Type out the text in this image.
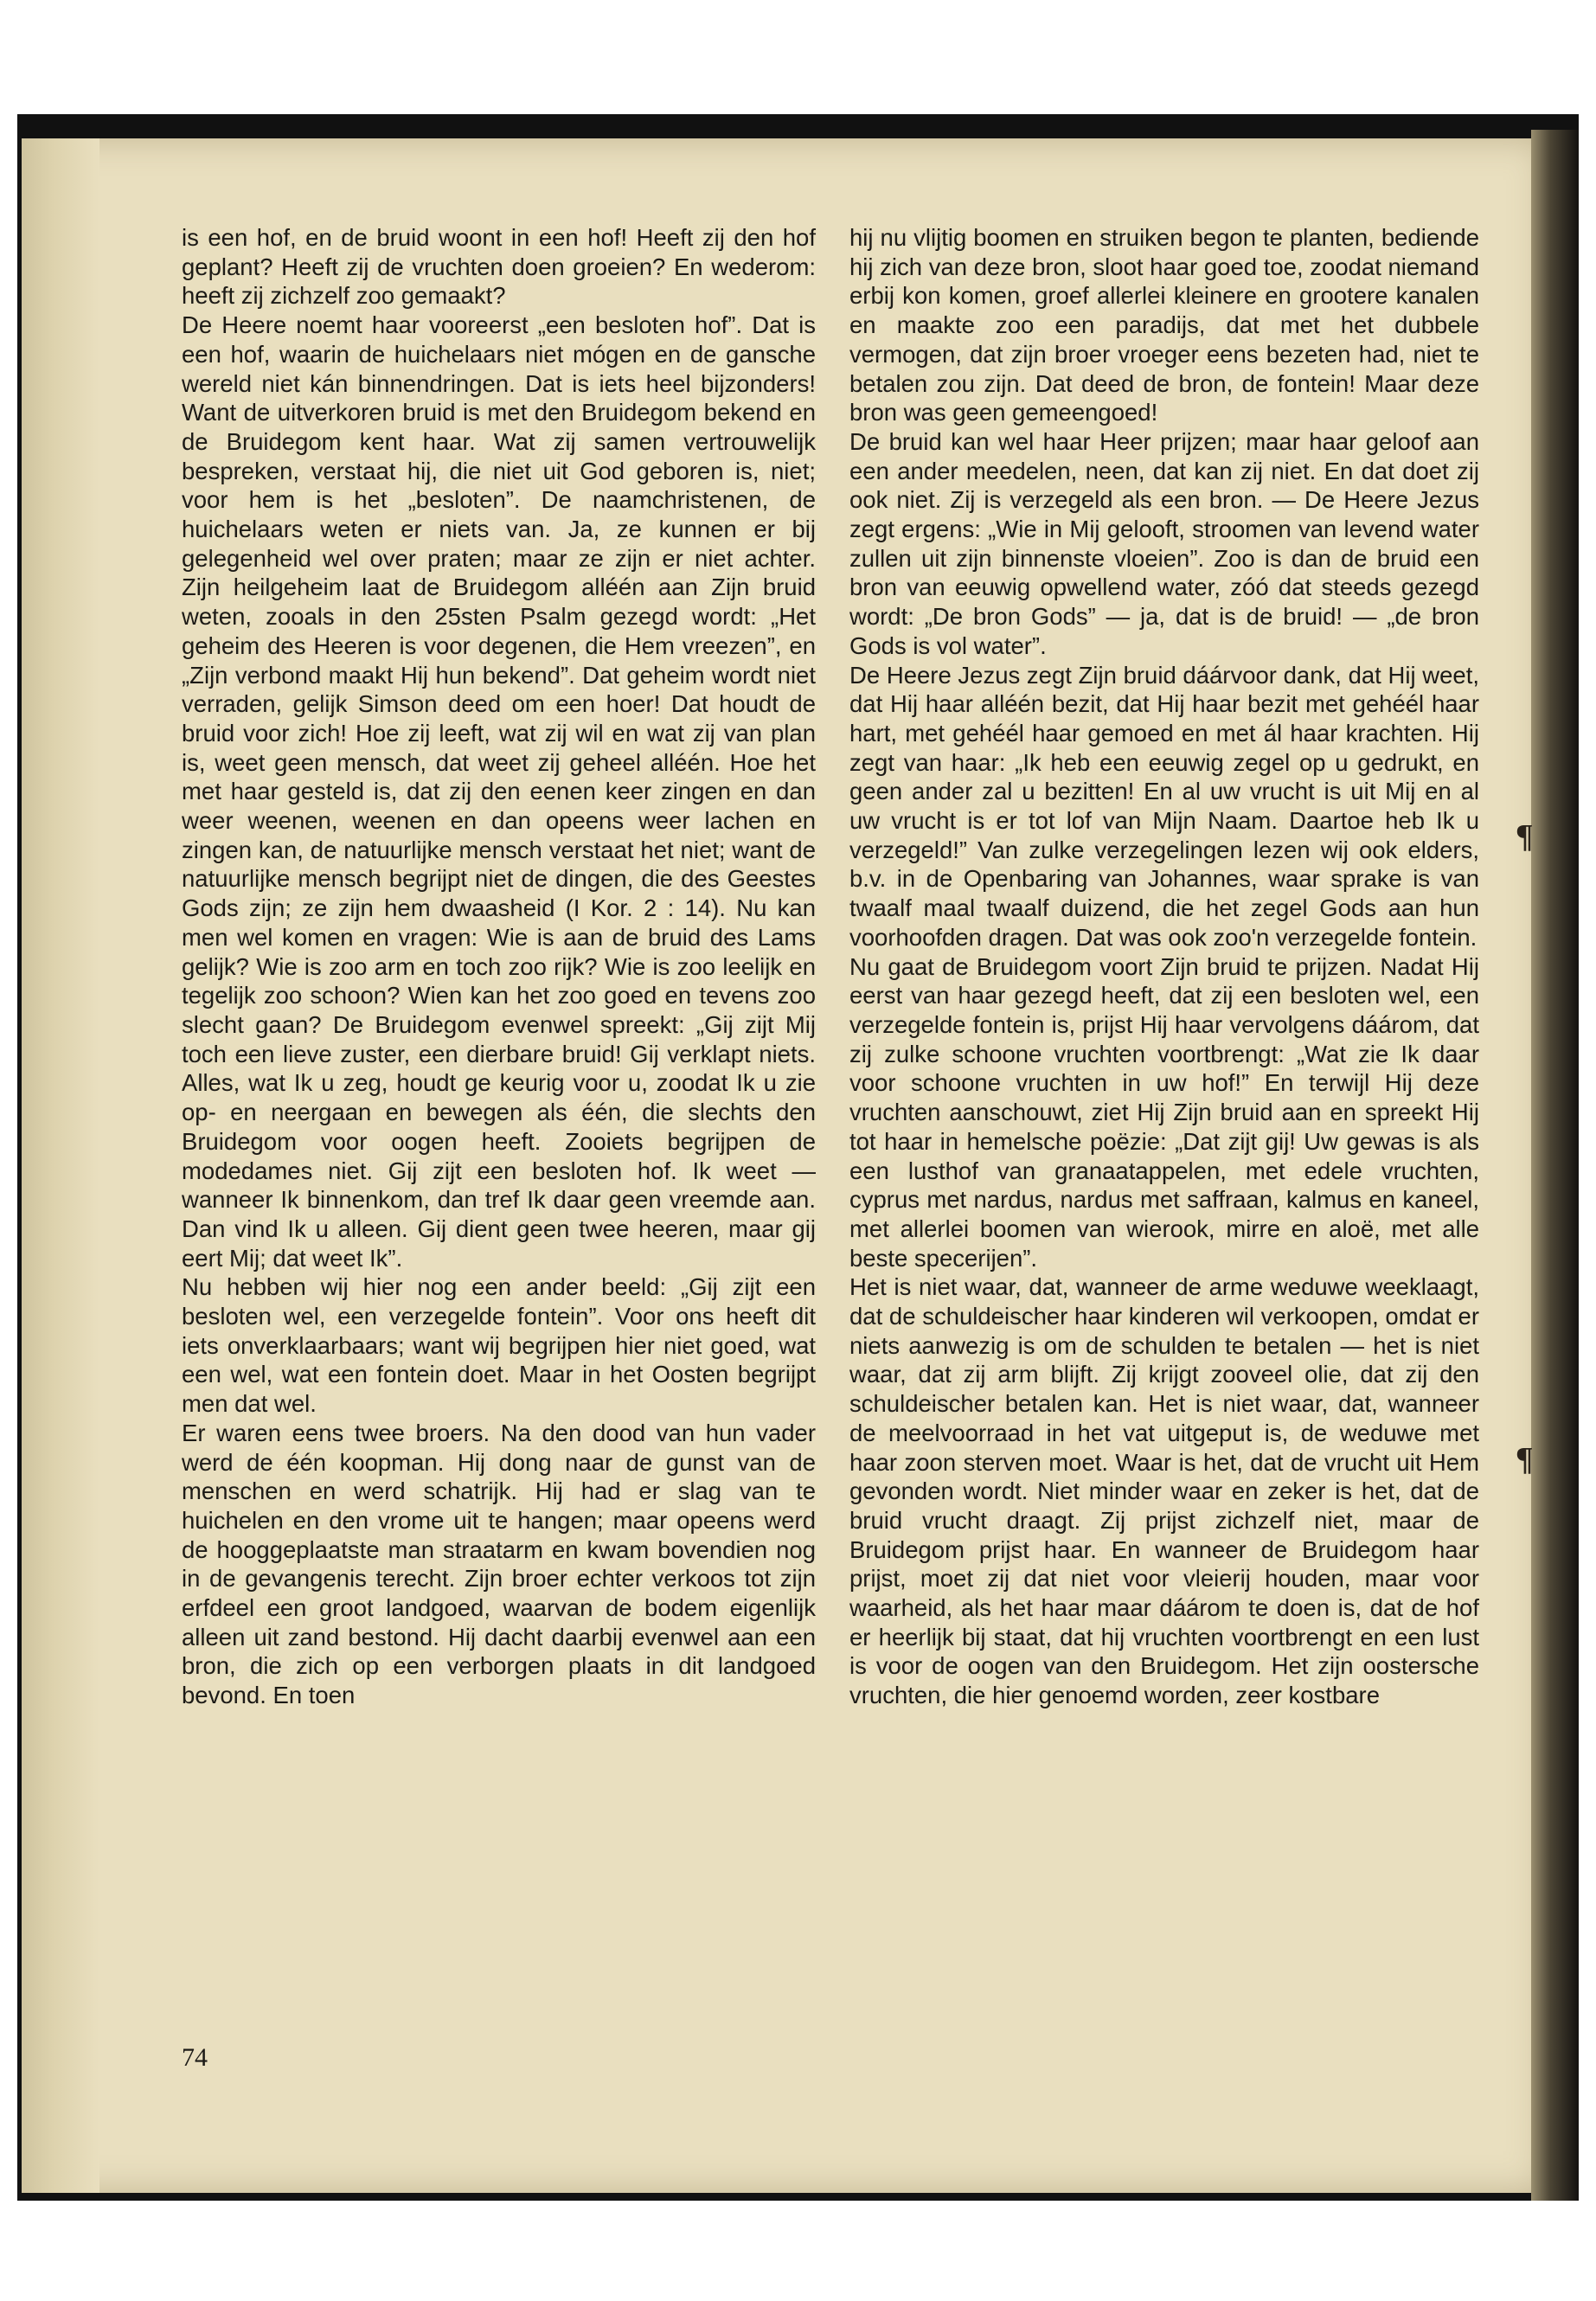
is een hof, en de bruid woont in een hof! Heeft zij den hof geplant? Heeft zij de vruchten doen groeien? En wederom: heeft zij zichzelf zoo gemaakt?

De Heere noemt haar vooreerst „een besloten hof”. Dat is een hof, waarin de huichelaars niet mógen en de gansche wereld niet kán binnendringen. Dat is iets heel bijzonders! Want de uitverkoren bruid is met den Bruidegom bekend en de Bruidegom kent haar. Wat zij samen vertrouwelijk bespreken, verstaat hij, die niet uit God geboren is, niet; voor hem is het „besloten”. De naamchristenen, de huichelaars weten er niets van. Ja, ze kunnen er bij gelegenheid wel over praten; maar ze zijn er niet achter. Zijn heilgeheim laat de Bruidegom alléén aan Zijn bruid weten, zooals in den 25sten Psalm gezegd wordt: „Het geheim des Heeren is voor degenen, die Hem vreezen”, en „Zijn verbond maakt Hij hun bekend”. Dat geheim wordt niet verraden, gelijk Simson deed om een hoer! Dat houdt de bruid voor zich! Hoe zij leeft, wat zij wil en wat zij van plan is, weet geen mensch, dat weet zij geheel alléén. Hoe het met haar gesteld is, dat zij den eenen keer zingen en dan weer weenen, weenen en dan opeens weer lachen en zingen kan, de natuurlijke mensch verstaat het niet; want de natuurlijke mensch begrijpt niet de dingen, die des Geestes Gods zijn; ze zijn hem dwaasheid (I Kor. 2 : 14). Nu kan men wel komen en vragen: Wie is aan de bruid des Lams gelijk? Wie is zoo arm en toch zoo rijk? Wie is zoo leelijk en tegelijk zoo schoon? Wien kan het zoo goed en tevens zoo slecht gaan? De Bruidegom evenwel spreekt: „Gij zijt Mij toch een lieve zuster, een dierbare bruid! Gij verklapt niets. Alles, wat Ik u zeg, houdt ge keurig voor u, zoodat Ik u zie op- en neergaan en bewegen als één, die slechts den Bruidegom voor oogen heeft. Zooiets begrijpen de modedames niet. Gij zijt een besloten hof. Ik weet — wanneer Ik binnenkom, dan tref Ik daar geen vreemde aan. Dan vind Ik u alleen. Gij dient geen twee heeren, maar gij eert Mij; dat weet Ik”.

Nu hebben wij hier nog een ander beeld: „Gij zijt een besloten wel, een verzegelde fontein”. Voor ons heeft dit iets onverklaarbaars; want wij begrijpen hier niet goed, wat een wel, wat een fontein doet. Maar in het Oosten begrijpt men dat wel.

Er waren eens twee broers. Na den dood van hun vader werd de één koopman. Hij dong naar de gunst van de menschen en werd schatrijk. Hij had er slag van te huichelen en den vrome uit te hangen; maar opeens werd de hooggeplaatste man straatarm en kwam bovendien nog in de gevangenis terecht. Zijn broer echter verkoos tot zijn erfdeel een groot landgoed, waarvan de bodem eigenlijk alleen uit zand bestond. Hij dacht daarbij evenwel aan een bron, die zich op een verborgen plaats in dit landgoed bevond. En toen

hij nu vlijtig boomen en struiken begon te planten, bediende hij zich van deze bron, sloot haar goed toe, zoodat niemand erbij kon komen, groef allerlei kleinere en grootere kanalen en maakte zoo een paradijs, dat met het dubbele vermogen, dat zijn broer vroeger eens bezeten had, niet te betalen zou zijn. Dat deed de bron, de fontein! Maar deze bron was geen gemeengoed!

De bruid kan wel haar Heer prijzen; maar haar geloof aan een ander meedelen, neen, dat kan zij niet. En dat doet zij ook niet. Zij is verzegeld als een bron. — De Heere Jezus zegt ergens: „Wie in Mij gelooft, stroomen van levend water zullen uit zijn binnenste vloeien”. Zoo is dan de bruid een bron van eeuwig opwellend water, zóó dat steeds gezegd wordt: „De bron Gods” — ja, dat is de bruid! — „de bron Gods is vol water”.

De Heere Jezus zegt Zijn bruid dáárvoor dank, dat Hij weet, dat Hij haar alléén bezit, dat Hij haar bezit met gehéél haar hart, met gehéél haar gemoed en met ál haar krachten. Hij zegt van haar: „Ik heb een eeuwig zegel op u gedrukt, en geen ander zal u bezitten! En al uw vrucht is uit Mij en al uw vrucht is er tot lof van Mijn Naam. Daartoe heb Ik u verzegeld!” Van zulke verzegelingen lezen wij ook elders, b.v. in de Openbaring van Johannes, waar sprake is van twaalf maal twaalf duizend, die het zegel Gods aan hun voorhoofden dragen. Dat was ook zoo'n verzegelde fontein.

Nu gaat de Bruidegom voort Zijn bruid te prijzen. Nadat Hij eerst van haar gezegd heeft, dat zij een besloten wel, een verzegelde fontein is, prijst Hij haar vervolgens dáárom, dat zij zulke schoone vruchten voortbrengt: „Wat zie Ik daar voor schoone vruchten in uw hof!” En terwijl Hij deze vruchten aanschouwt, ziet Hij Zijn bruid aan en spreekt Hij tot haar in hemelsche poëzie: „Dat zijt gij! Uw gewas is als een lusthof van granaatappelen, met edele vruchten, cyprus met nardus, nardus met saffraan, kalmus en kaneel, met allerlei boomen van wierook, mirre en aloë, met alle beste specerijen”.

Het is niet waar, dat, wanneer de arme weduwe weeklaagt, dat de schuldeischer haar kinderen wil verkoopen, omdat er niets aanwezig is om de schulden te betalen — het is niet waar, dat zij arm blijft. Zij krijgt zooveel olie, dat zij den schuldeischer betalen kan. Het is niet waar, dat, wanneer de meelvoorraad in het vat uitgeput is, de weduwe met haar zoon sterven moet. Waar is het, dat de vrucht uit Hem gevonden wordt. Niet minder waar en zeker is het, dat de bruid vrucht draagt. Zij prijst zichzelf niet, maar de Bruidegom prijst haar. En wanneer de Bruidegom haar prijst, moet zij dat niet voor vleierij houden, maar voor waarheid, als het haar maar dáárom te doen is, dat de hof er heerlijk bij staat, dat hij vruchten voortbrengt en een lust is voor de oogen van den Bruidegom. Het zijn oostersche vruchten, die hier genoemd worden, zeer kostbare

74
¶
¶
